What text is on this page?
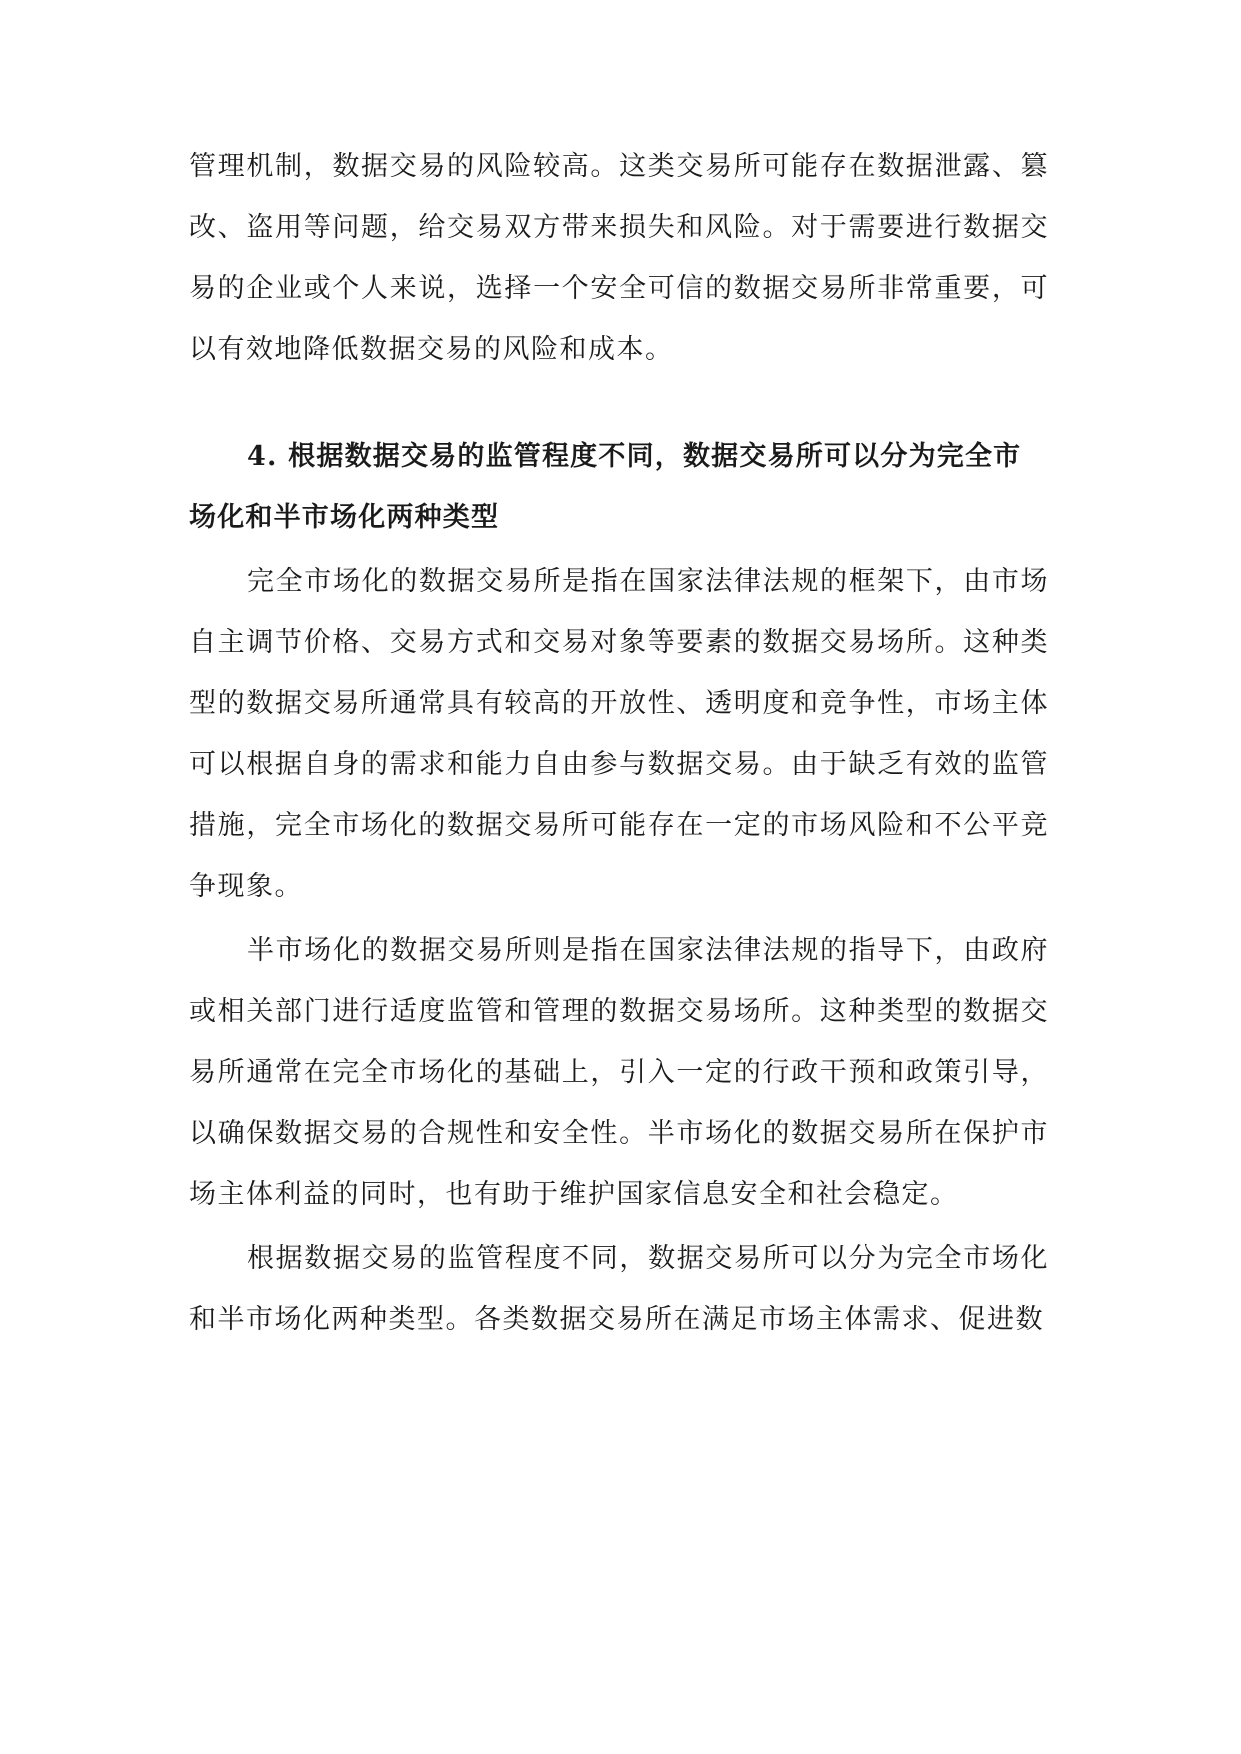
管理机制，数据交易的风险较高。这类交易所可能存在数据泄露、篡改、盗用等问题，给交易双方带来损失和风险。对于需要进行数据交易的企业或个人来说，选择一个安全可信的数据交易所非常重要，可以有效地降低数据交易的风险和成本。

4. 根据数据交易的监管程度不同，数据交易所可以分为完全市场化和半市场化两种类型

完全市场化的数据交易所是指在国家法律法规的框架下，由市场自主调节价格、交易方式和交易对象等要素的数据交易场所。这种类型的数据交易所通常具有较高的开放性、透明度和竞争性，市场主体可以根据自身的需求和能力自由参与数据交易。由于缺乏有效的监管措施，完全市场化的数据交易所可能存在一定的市场风险和不公平竞争现象。

半市场化的数据交易所则是指在国家法律法规的指导下，由政府或相关部门进行适度监管和管理的数据交易场所。这种类型的数据交易所通常在完全市场化的基础上，引入一定的行政干预和政策引导，以确保数据交易的合规性和安全性。半市场化的数据交易所在保护市场主体利益的同时，也有助于维护国家信息安全和社会稳定。

根据数据交易的监管程度不同，数据交易所可以分为完全市场化和半市场化两种类型。各类数据交易所在满足市场主体需求、促进数
